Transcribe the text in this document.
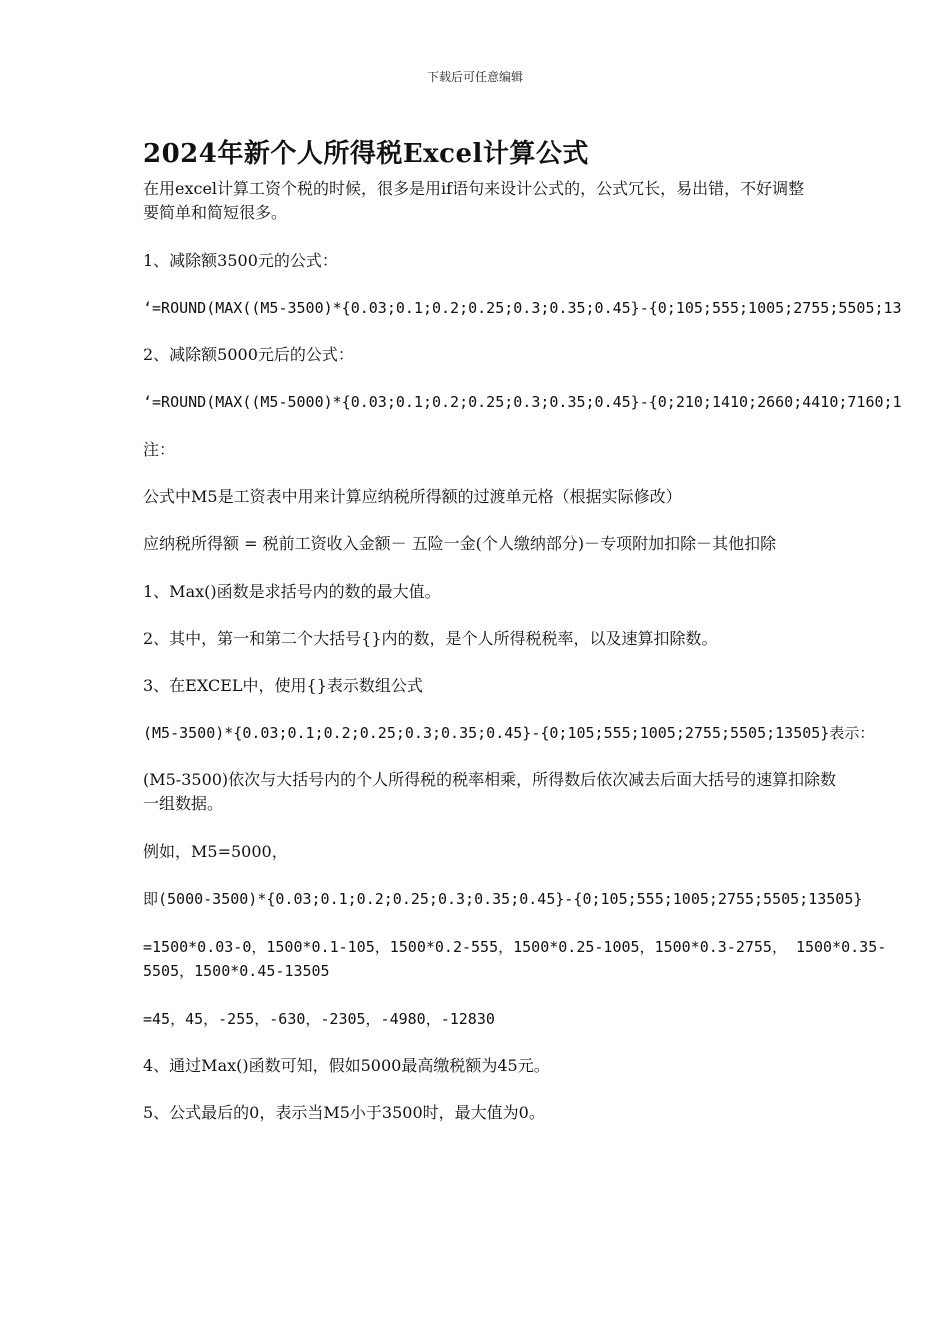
下载后可任意编辑
2024年新个人所得税Excel计算公式
在用excel计算工资个税的时候，很多是用if语句来设计公式的，公式冗长，易出错，不好调整
要简单和简短很多。
1、减除额3500元的公式：
‘=ROUND(MAX((M5-3500)*{0.03;0.1;0.2;0.25;0.3;0.35;0.45}-{0;105;555;1005;2755;5505;13
2、减除额5000元后的公式：
‘=ROUND(MAX((M5-5000)*{0.03;0.1;0.2;0.25;0.3;0.35;0.45}-{0;210;1410;2660;4410;7160;1
注：
公式中M5是工资表中用来计算应纳税所得额的过渡单元格（根据实际修改）
应纳税所得额 = 税前工资收入金额－ 五险一金(个人缴纳部分)－专项附加扣除－其他扣除
1、Max()函数是求括号内的数的最大值。
2、其中，第一和第二个大括号{}内的数，是个人所得税税率，以及速算扣除数。
3、在EXCEL中，使用{}表示数组公式
(M5-3500)*{0.03;0.1;0.2;0.25;0.3;0.35;0.45}-{0;105;555;1005;2755;5505;13505}表示：
(M5-3500)依次与大括号内的个人所得税的税率相乘，所得数后依次减去后面大括号的速算扣除数
一组数据。
例如，M5=5000，
即(5000-3500)*{0.03;0.1;0.2;0.25;0.3;0.35;0.45}-{0;105;555;1005;2755;5505;13505}
=1500*0.03-0，1500*0.1-105，1500*0.2-555，1500*0.25-1005，1500*0.3-2755， 1500*0.35-
5505，1500*0.45-13505
=45，45，-255，-630，-2305，-4980，-12830
4、通过Max()函数可知，假如5000最高缴税额为45元。
5、公式最后的0，表示当M5小于3500时，最大值为0。
